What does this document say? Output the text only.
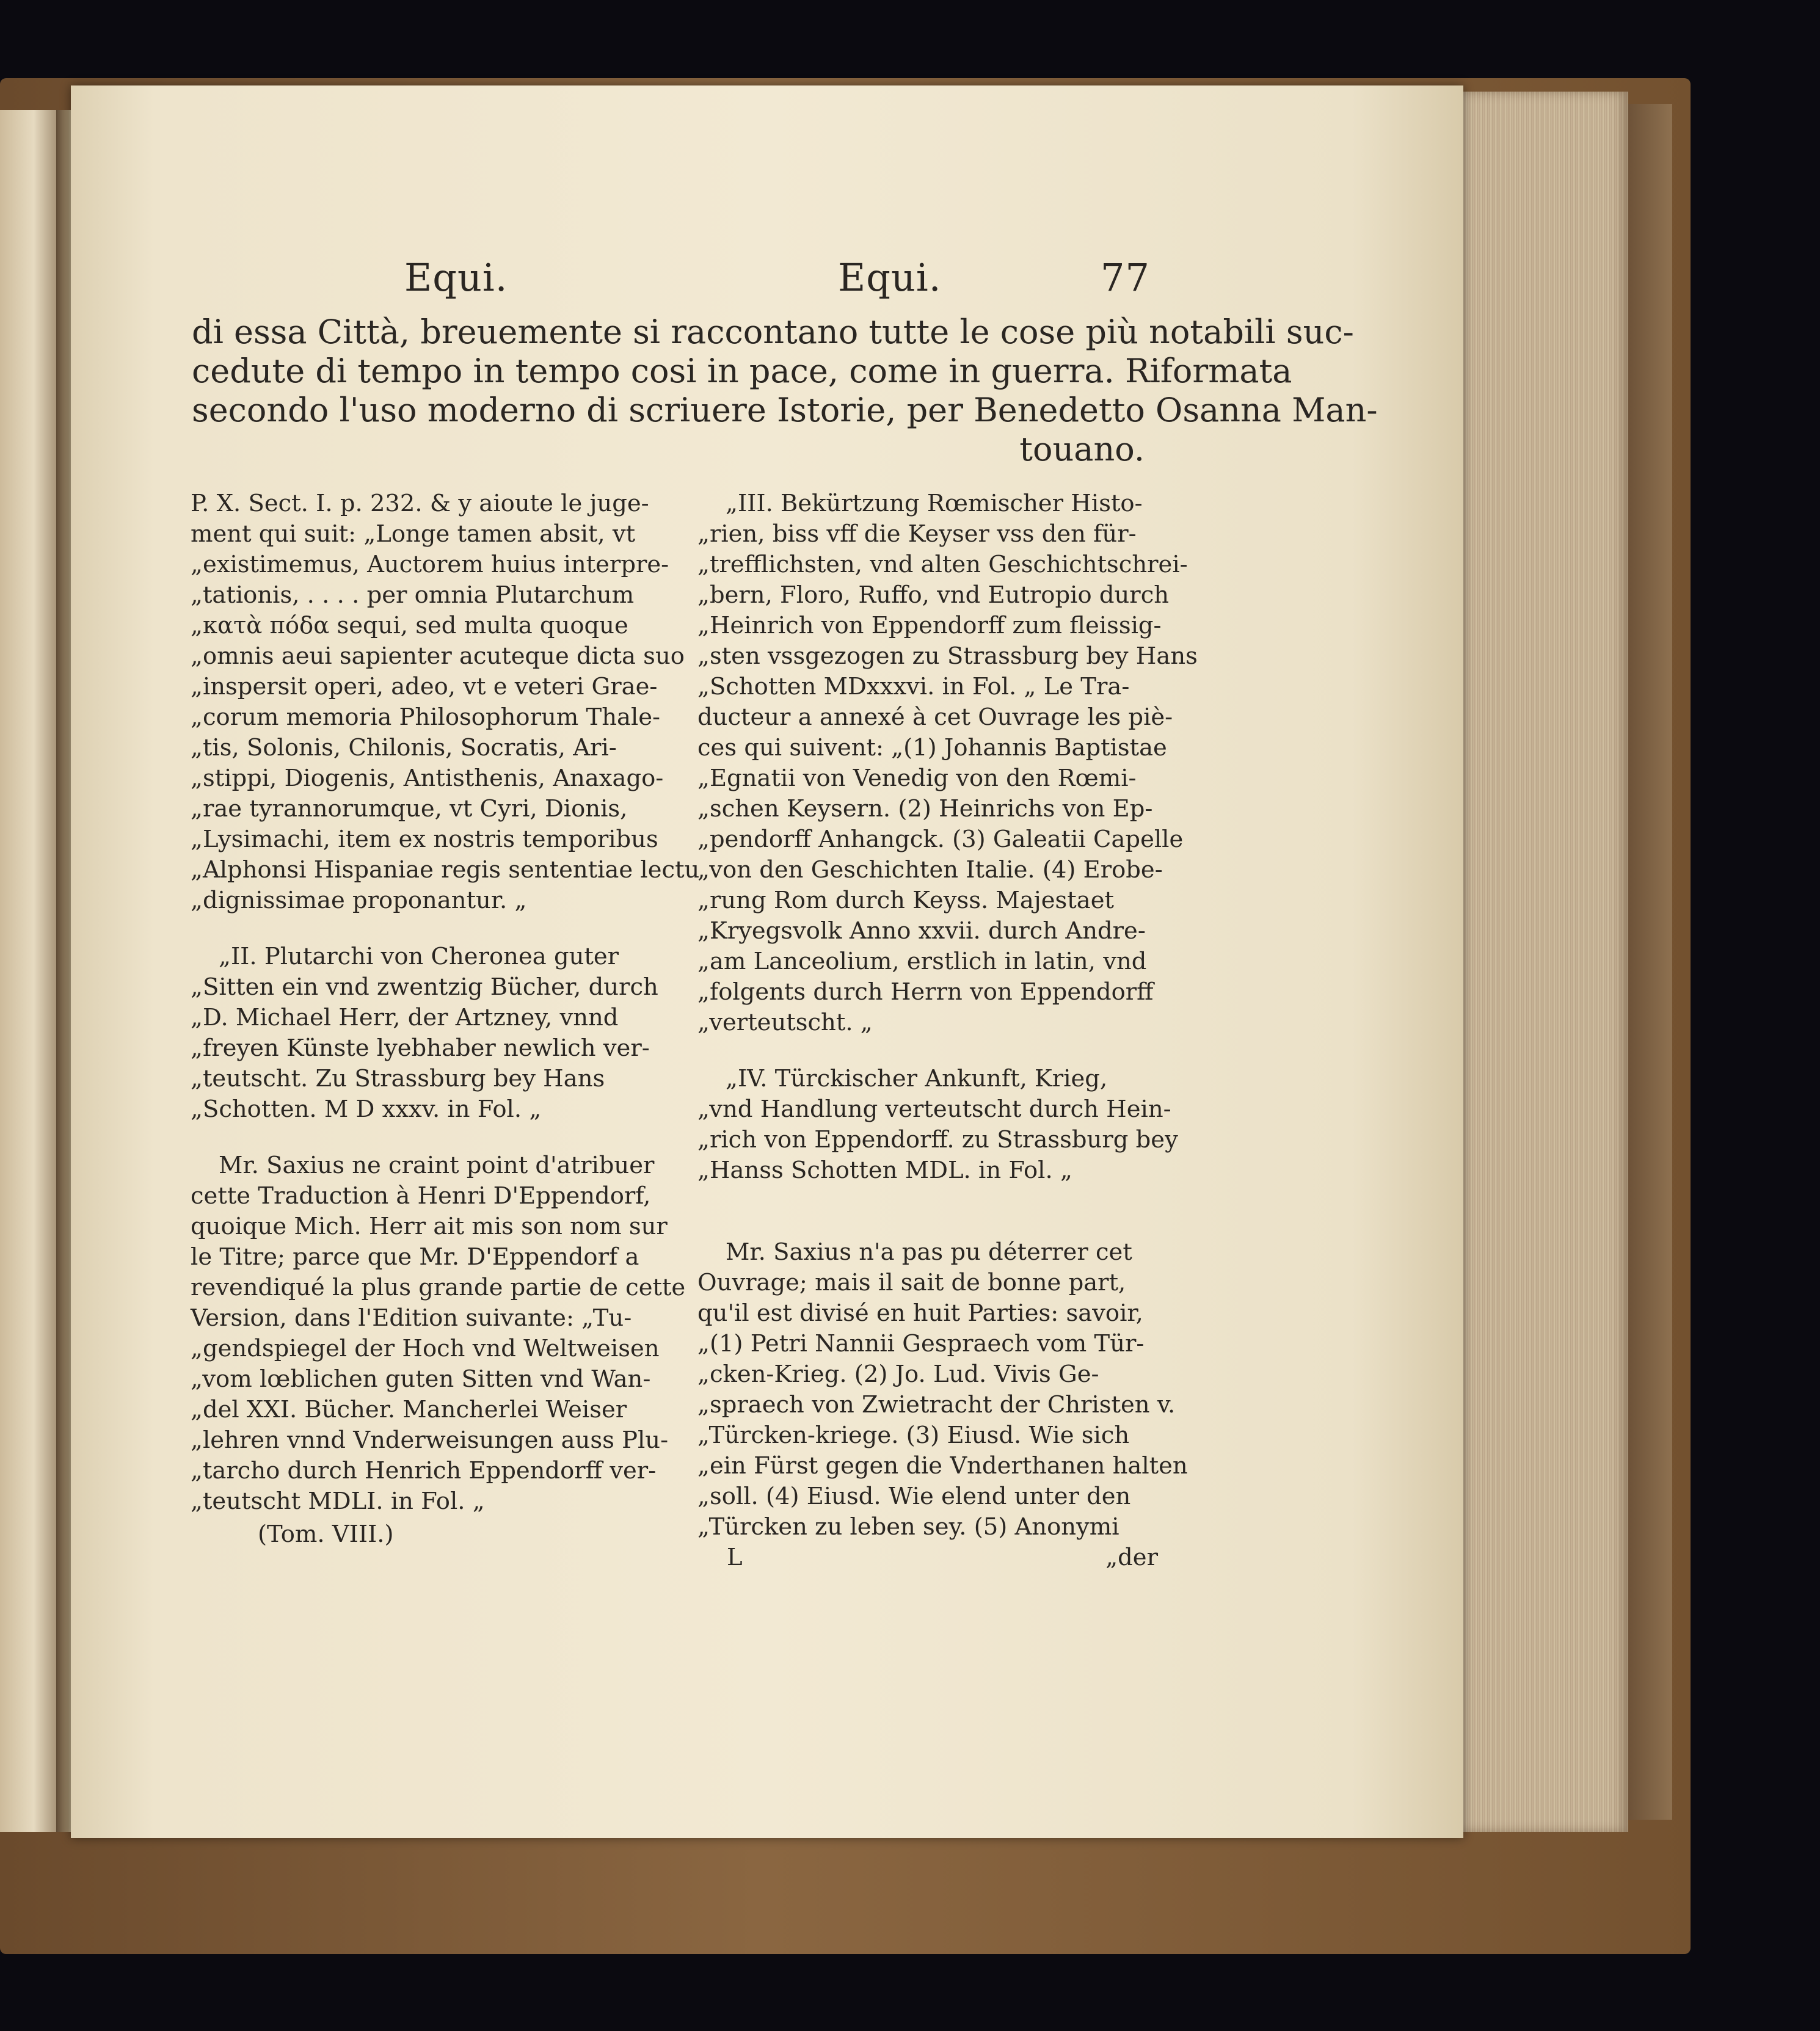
Equi.	Equi.	77
di essa Città, breuemente si raccontano tutte le cose più notabili suc-
cedute di tempo in tempo cosi in pace, come in guerra. Riformata
secondo l'uso moderno di scriuere Istorie, per Benedetto Osanna Man-
touano.
P. X. Sect. I. p. 232. & y aioute le juge-
ment qui suit: „Longe tamen absit, vt
„existimemus, Auctorem huius interpre-
„tationis, . . . . per omnia Plutarchum
„κατὰ πόδα sequi, sed multa quoque
„omnis aeui sapienter acuteque dicta suo
„inspersit operi, adeo, vt e veteri Grae-
„corum memoria Philosophorum Thale-
„tis, Solonis, Chilonis, Socratis, Ari-
„stippi, Diogenis, Antisthenis, Anaxago-
„rae tyrannorumque, vt Cyri, Dionis,
„Lysimachi, item ex nostris temporibus
„Alphonsi Hispaniae regis sententiae lectu
„dignissimae proponantur. „
„II. Plutarchi von Cheronea guter
„Sitten ein vnd zwentzig Bücher, durch
„D. Michael Herr, der Artzney, vnnd
„freyen Künste lyebhaber newlich ver-
„teutscht. Zu Strassburg bey Hans
„Schotten. M D xxxv. in Fol. „
Mr. Saxius ne craint point d'atribuer
cette Traduction à Henri D'Eppendorf,
quoique Mich. Herr ait mis son nom sur
le Titre; parce que Mr. D'Eppendorf a
revendiqué la plus grande partie de cette
Version, dans l'Edition suivante: „Tu-
„gendspiegel der Hoch vnd Weltweisen
„vom lœblichen guten Sitten vnd Wan-
„del XXI. Bücher. Mancherlei Weiser
„lehren vnnd Vnderweisungen auss Plu-
„tarcho durch Henrich Eppendorff ver-
„teutscht MDLI. in Fol. „
(Tom. VIII.)
„III. Bekürtzung Rœmischer Histo-
„rien, biss vff die Keyser vss den für-
„trefflichsten, vnd alten Geschichtschrei-
„bern, Floro, Ruffo, vnd Eutropio durch
„Heinrich von Eppendorff zum fleissig-
„sten vssgezogen zu Strassburg bey Hans
„Schotten MDxxxvi. in Fol. „ Le Tra-
ducteur a annexé à cet Ouvrage les piè-
ces qui suivent: „(1) Johannis Baptistae
„Egnatii von Venedig von den Rœmi-
„schen Keysern. (2) Heinrichs von Ep-
„pendorff Anhangck. (3) Galeatii Capelle
„von den Geschichten Italie. (4) Erobe-
„rung Rom durch Keyss. Majestaet
„Kryegsvolk Anno xxvii. durch Andre-
„am Lanceolium, erstlich in latin, vnd
„folgents durch Herrn von Eppendorff
„verteutscht. „
„IV. Türckischer Ankunft, Krieg,
„vnd Handlung verteutscht durch Hein-
„rich von Eppendorff. zu Strassburg bey
„Hanss Schotten MDL. in Fol. „
Mr. Saxius n'a pas pu déterrer cet
Ouvrage; mais il sait de bonne part,
qu'il est divisé en huit Parties: savoir,
„(1) Petri Nannii Gespraech vom Tür-
„cken-Krieg. (2) Jo. Lud. Vivis Ge-
„spraech von Zwietracht der Christen v.
„Türcken-kriege. (3) Eiusd. Wie sich
„ein Fürst gegen die Vnderthanen halten
„soll. (4) Eiusd. Wie elend unter den
„Türcken zu leben sey. (5) Anonymi
L	„der
